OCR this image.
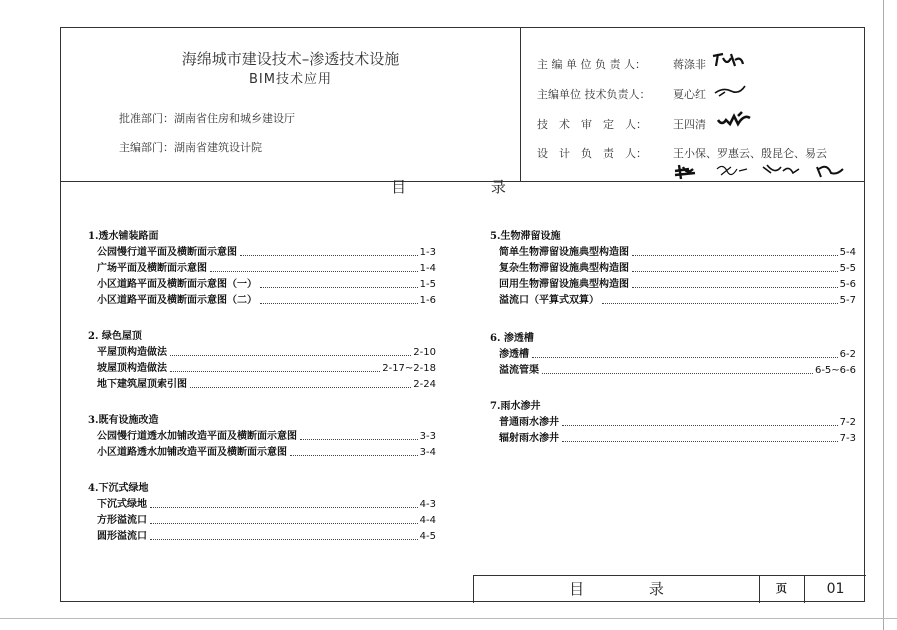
海绵城市建设技术–渗透技术设施
BIM技术应用
批准部门：湖南省住房和城乡建设厅
主编部门：湖南省建筑设计院
主 编 单 位 负 责 人： 蒋涤非
主编单位 技术负责人： 夏心红
技　术　审　定　人： 王四清
设　计　负　责　人： 王小保、罗惠云、殷昆仑、易云
目 录	页	01
目 录
1.透水铺装路面
公园慢行道平面及横断面示意图	1-3
广场平面及横断面示意图	1-4
小区道路平面及横断面示意图（一）	1-5
小区道路平面及横断面示意图（二）	1-6
2. 绿色屋顶
平屋顶构造做法	2-10
坡屋顶构造做法	2-17~2-18
地下建筑屋顶索引图	2-24
3.既有设施改造
公园慢行道透水加铺改造平面及横断面示意图	3-3
小区道路透水加铺改造平面及横断面示意图	3-4
4.下沉式绿地
下沉式绿地	4-3
方形溢流口	4-4
圆形溢流口	4-5
5.生物滞留设施
简单生物滞留设施典型构造图	5-4
复杂生物滞留设施典型构造图	5-5
回用生物滞留设施典型构造图	5-6
溢流口（平算式双算）	5-7
6. 渗透槽
渗透槽	6-2
溢流管渠	6-5~6-6
7.雨水渗井
普通雨水渗井	7-2
辐射雨水渗井	7-3
